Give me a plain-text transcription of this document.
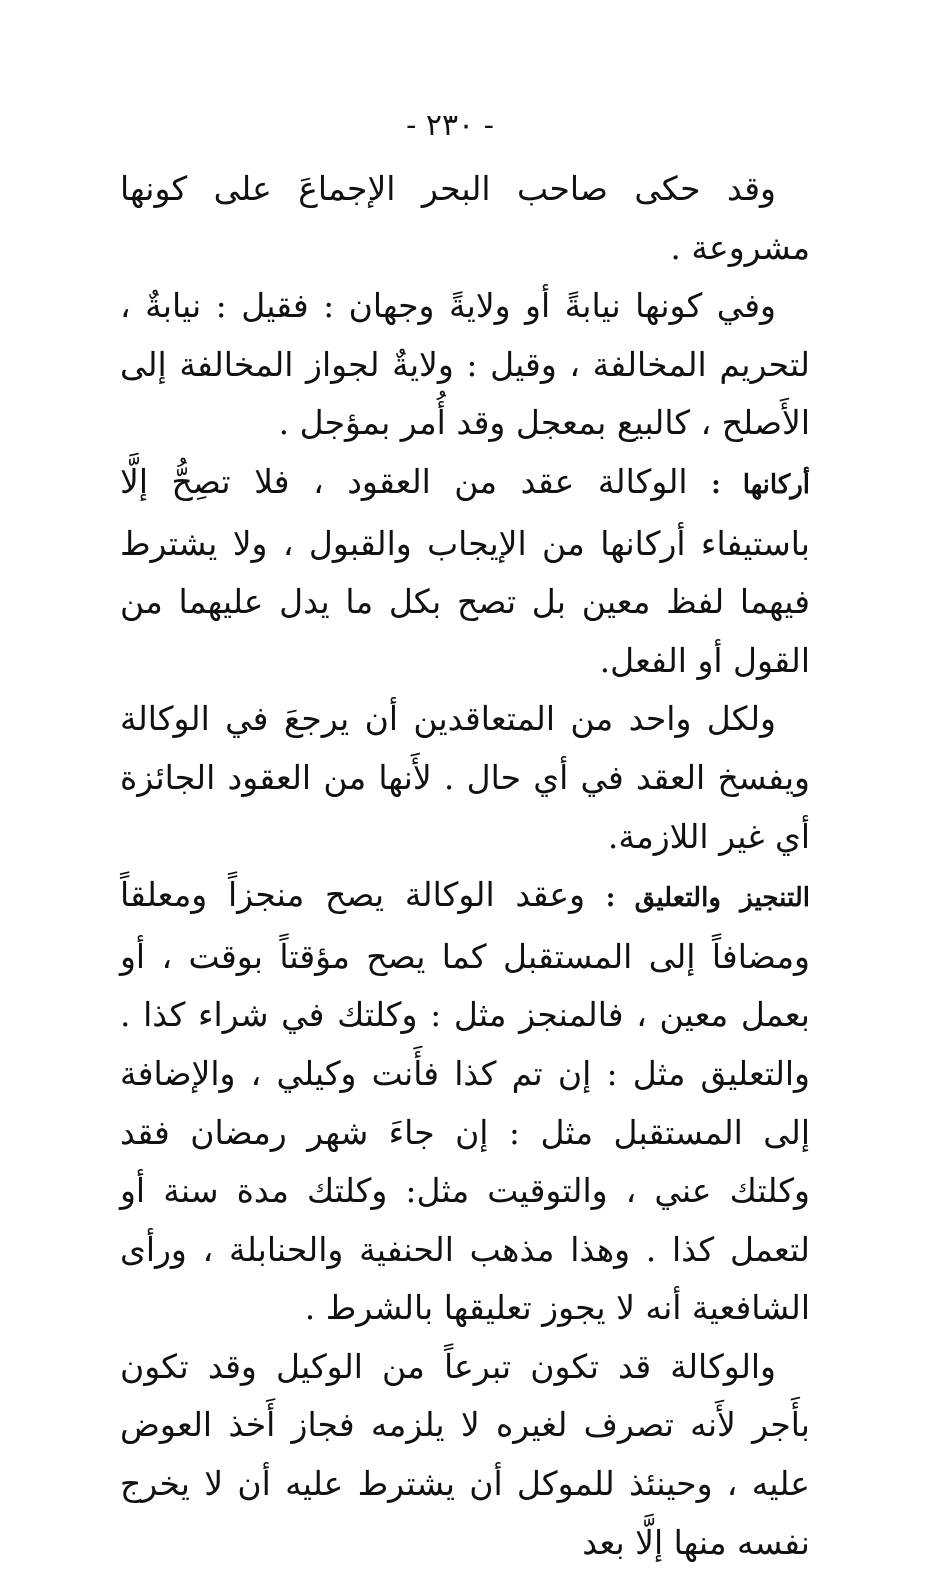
- ٢٣٠ -

وقد حكى صاحب البحر الإجماعَ على كونها مشروعة .

وفي كونها نيابةً أو ولايةً وجهان : فقيل : نيابةٌ ، لتحريم المخالفة ، وقيل : ولايةٌ لجواز المخالفة إلى الأَصلح ، كالبيع بمعجل وقد أُمر بمؤجل .

أركانها : الوكالة عقد من العقود ، فلا تصِحُّ إلَّا باستيفاء أركانها من الإيجاب والقبول ، ولا يشترط فيهما لفظ معين بل تصح بكل ما يدل عليهما من القول أو الفعل.

ولكل واحد من المتعاقدين أن يرجعَ في الوكالة ويفسخ العقد في أي حال . لأَنها من العقود الجائزة أي غير اللازمة.

التنجيز والتعليق : وعقد الوكالة يصح منجزاً ومعلقاً ومضافاً إلى المستقبل كما يصح مؤقتاً بوقت ، أو بعمل معين ، فالمنجز مثل : وكلتك في شراء كذا . والتعليق مثل : إن تم كذا فأَنت وكيلي ، والإضافة إلى المستقبل مثل : إن جاءَ شهر رمضان فقد وكلتك عني ، والتوقيت مثل: وكلتك مدة سنة أو لتعمل كذا . وهذا مذهب الحنفية والحنابلة ، ورأى الشافعية أنه لا يجوز تعليقها بالشرط .

والوكالة قد تكون تبرعاً من الوكيل وقد تكون بأَجر لأَنه تصرف لغيره لا يلزمه فجاز أَخذ العوض عليه ، وحينئذ للموكل أن يشترط عليه أن لا يخرج نفسه منها إلَّا بعد
